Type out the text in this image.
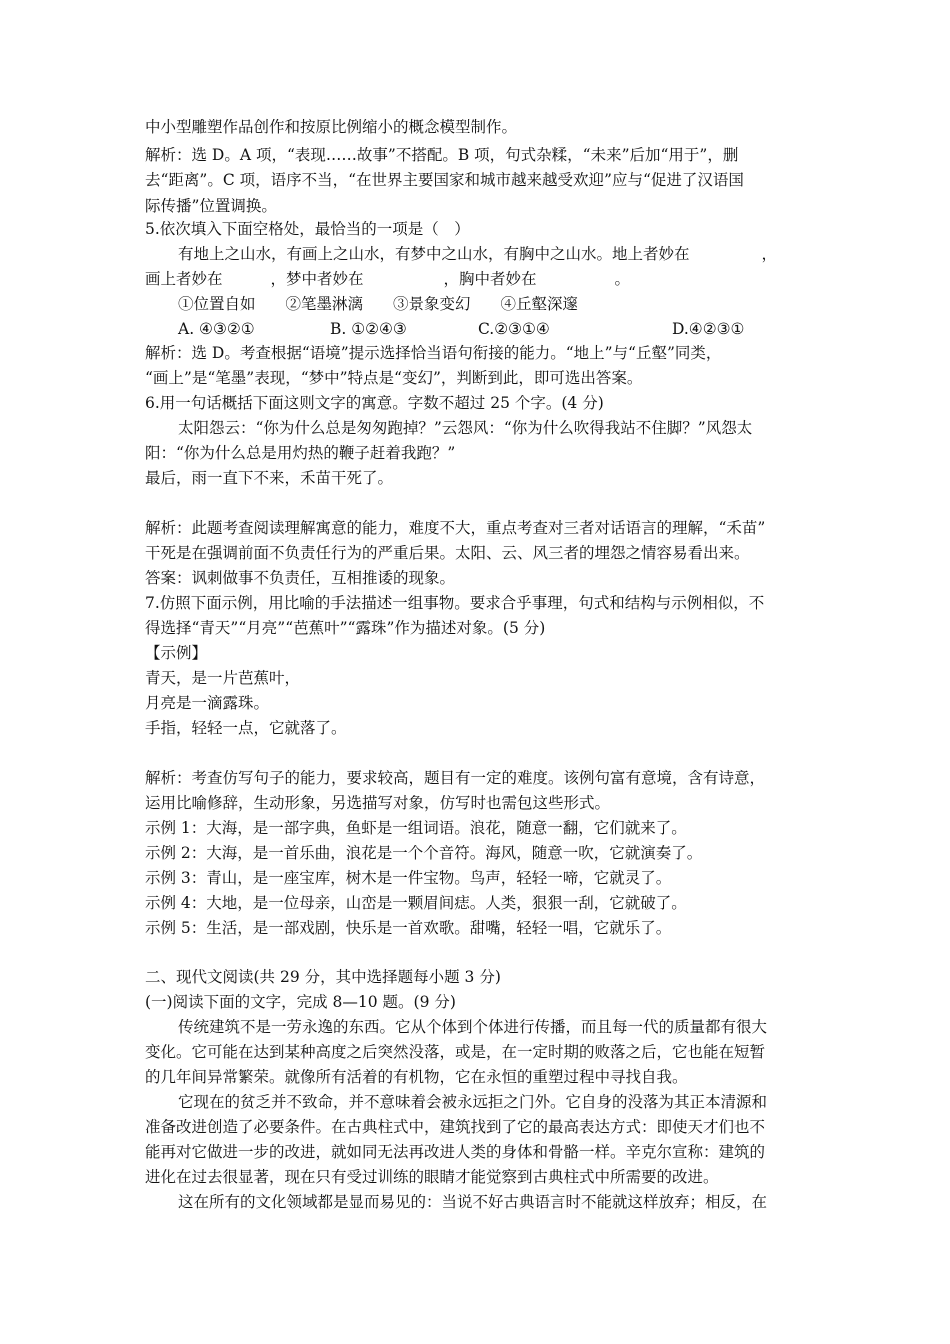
中小型雕塑作品创作和按原比例缩小的概念模型制作。
解析：选 D。A 项，“表现……故事”不搭配。B 项，句式杂糅，“未来”后加“用于”，删
去“距离”。C 项，语序不当，“在世界主要国家和城市越来越受欢迎”应与“促进了汉语国
际传播”位置调换。
5.依次填入下面空格处，最恰当的一项是（　）
有地上之山水，有画上之山水，有梦中之山水，有胸中之山水。地上者妙在	，
画上者妙在	，梦中者妙在	，胸中者妙在	。
①位置自如 ②笔墨淋漓 ③景象变幻 ④丘壑深邃
A. ④③②①	B. ①②④③	C.②③①④	D.④②③①
解析：选 D。考查根据“语境”提示选择恰当语句衔接的能力。“地上”与“丘壑”同类，
“画上”是“笔墨”表现，“梦中”特点是“变幻”，判断到此，即可选出答案。
6.用一句话概括下面这则文字的寓意。字数不超过 25 个字。(4 分)
太阳怨云：“你为什么总是匆匆跑掉？”云怨风：“你为什么吹得我站不住脚？”风怨太
阳：“你为什么总是用灼热的鞭子赶着我跑？”
最后，雨一直下不来，禾苗干死了。
解析：此题考查阅读理解寓意的能力，难度不大，重点考查对三者对话语言的理解，“禾苗”
干死是在强调前面不负责任行为的严重后果。太阳、云、风三者的埋怨之情容易看出来。
答案：讽刺做事不负责任，互相推诿的现象。
7.仿照下面示例，用比喻的手法描述一组事物。要求合乎事理，句式和结构与示例相似，不
得选择“青天”“月亮”“芭蕉叶”“露珠”作为描述对象。(5 分)
【示例】
青天，是一片芭蕉叶，
月亮是一滴露珠。
手指，轻轻一点，它就落了。
解析：考查仿写句子的能力，要求较高，题目有一定的难度。该例句富有意境，含有诗意，
运用比喻修辞，生动形象，另选描写对象，仿写时也需包这些形式。
示例 1：大海，是一部字典，鱼虾是一组词语。浪花，随意一翻，它们就来了。
示例 2：大海，是一首乐曲，浪花是一个个音符。海风，随意一吹，它就演奏了。
示例 3：青山，是一座宝库，树木是一件宝物。鸟声，轻轻一啼，它就灵了。
示例 4：大地，是一位母亲，山峦是一颗眉间痣。人类，狠狠一刮，它就破了。
示例 5：生活，是一部戏剧，快乐是一首欢歌。甜嘴，轻轻一唱，它就乐了。
二、现代文阅读(共 29 分，其中选择题每小题 3 分)
(一)阅读下面的文字，完成 8—10 题。(9 分)
传统建筑不是一劳永逸的东西。它从个体到个体进行传播，而且每一代的质量都有很大
变化。它可能在达到某种高度之后突然没落，或是，在一定时期的败落之后，它也能在短暂
的几年间异常繁荣。就像所有活着的有机物，它在永恒的重塑过程中寻找自我。
它现在的贫乏并不致命，并不意味着会被永远拒之门外。它自身的没落为其正本清源和
准备改进创造了必要条件。在古典柱式中，建筑找到了它的最高表达方式：即使天才们也不
能再对它做进一步的改进，就如同无法再改进人类的身体和骨骼一样。辛克尔宣称：建筑的
进化在过去很显著，现在只有受过训练的眼睛才能觉察到古典柱式中所需要的改进。
这在所有的文化领域都是显而易见的：当说不好古典语言时不能就这样放弃；相反，在
